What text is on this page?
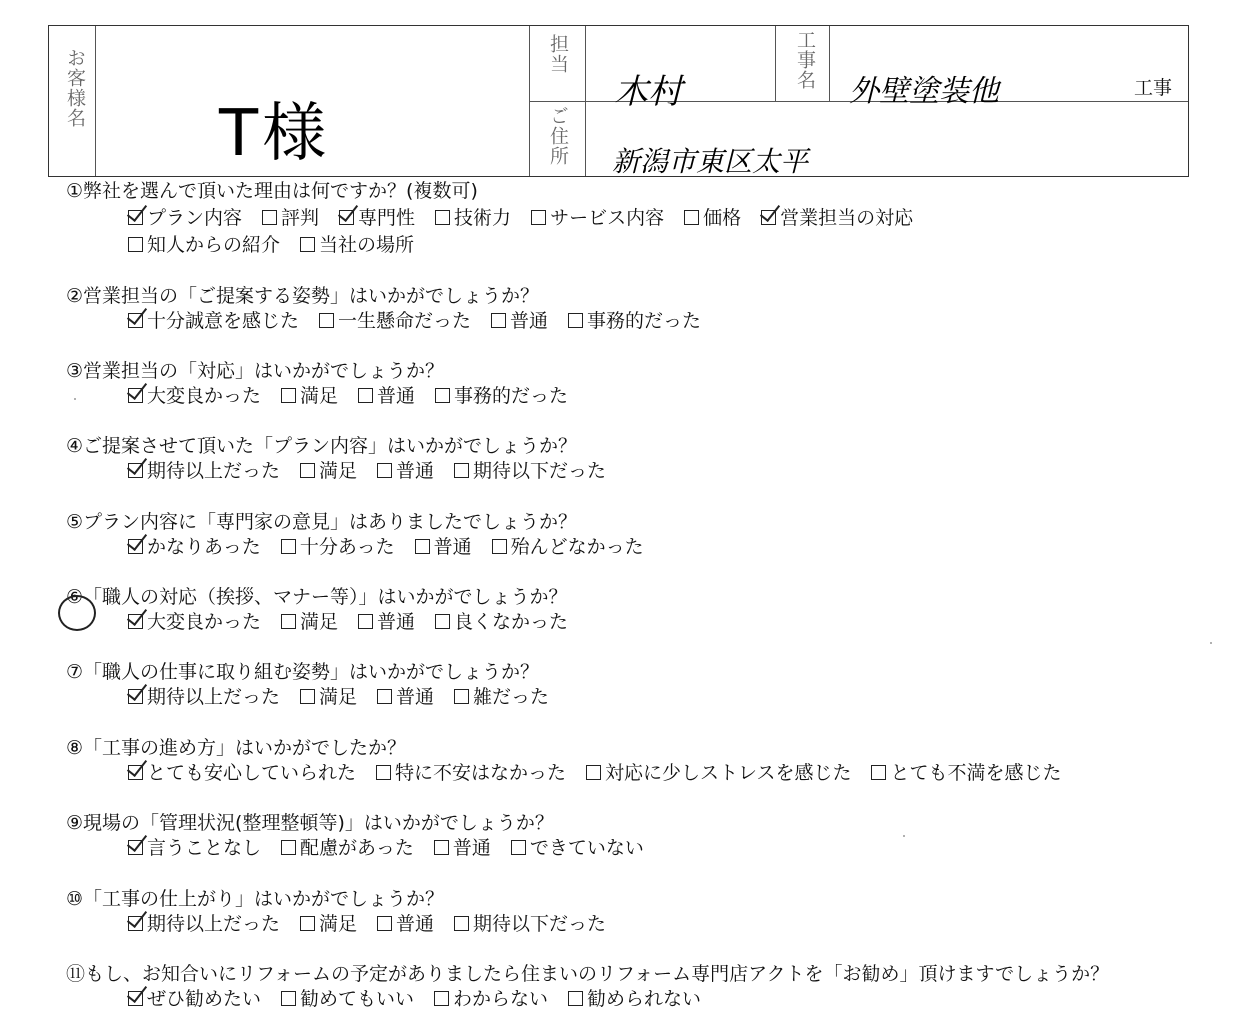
お客様名
T様
担当
木村
工事名
外壁塗装他	工事
ご住所 新潟市東区太平
①弊社を選んで頂いた理由は何ですか？(複数可)
プラン内容 評判 専門性 技術力 サービス内容 価格 営業担当の対応
知人からの紹介 当社の場所
②営業担当の「ご提案する姿勢」はいかがでしょうか？
十分誠意を感じた 一生懸命だった 普通 事務的だった
③営業担当の「対応」はいかがでしょうか？
大変良かった 満足 普通 事務的だった
④ご提案させて頂いた「プラン内容」はいかがでしょうか？
期待以上だった 満足 普通 期待以下だった
⑤プラン内容に「専門家の意見」はありましたでしょうか？
かなりあった 十分あった 普通 殆んどなかった
⑥「職人の対応（挨拶、マナー等）」はいかがでしょうか？
大変良かった 満足 普通 良くなかった
⑦「職人の仕事に取り組む姿勢」はいかがでしょうか？
期待以上だった 満足 普通 雑だった
⑧「工事の進め方」はいかがでしたか？
とても安心していられた 特に不安はなかった 対応に少しストレスを感じた とても不満を感じた
⑨現場の「管理状況(整理整頓等)」はいかがでしょうか？
言うことなし 配慮があった 普通 できていない
⑩「工事の仕上がり」はいかがでしょうか？
期待以上だった 満足 普通 期待以下だった
⑪もし、お知合いにリフォームの予定がありましたら住まいのリフォーム専門店アクトを「お勧め」頂けますでしょうか？
ぜひ勧めたい 勧めてもいい わからない 勧められない
